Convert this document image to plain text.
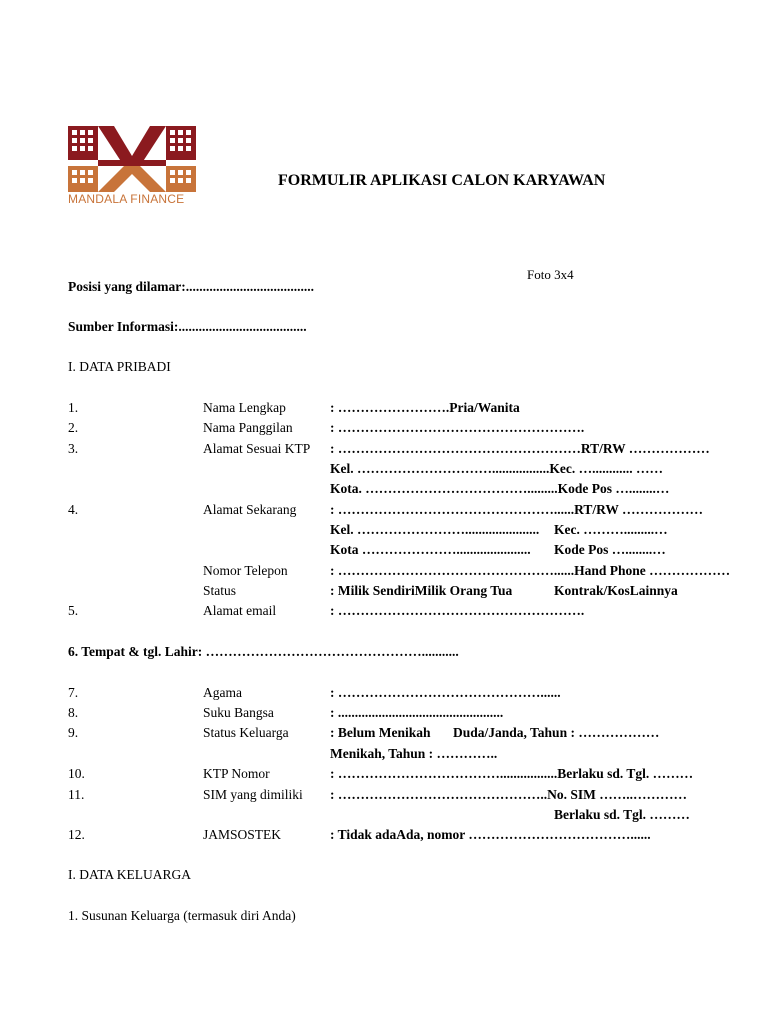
MANDALA FINANCE
FORMULIR APLIKASI CALON KARYAWAN
Foto 3x4
Posisi yang dilamar:......................................
Sumber Informasi:......................................
I. DATA PRIBADI
1.	Nama Lengkap	: …………………….Pria/Wanita
2.	Nama Panggilan	: ……………………………………………….
3.	Alamat Sesuai KTP : ………………………………………………RT/RW ………………
Kel. ………………………….................Kec. …............ ……
Kota. ……………………………….........Kode Pos …........…
4.	Alamat Sekarang : …………………………………………......RT/RW ………………
Kel. ……………………......................	Kec. ……….........…
Kota …………………......................	Kode Pos …........…
Nomor Telepon	: …………………………………………......Hand Phone ………………
Status	: Milik SendiriMilik Orang Tua	Kontrak/KosLainnya
5.	Alamat email	: ……………………………………………….
6. Tempat & tgl. Lahir: …………………………………………...........
7.	Agama	: ………………………………………......
8.	Suku Bangsa	: .................................................
9.	Status Keluarga	: Belum Menikah Duda/Janda, Tahun : ………………
Menikah, Tahun : …………..
10.	KTP Nomor	: ……………………………….................Berlaku sd. Tgl. ………
11.	SIM yang dimiliki : ………………………………………..No. SIM ……..…………
Berlaku sd. Tgl. ………
12.	JAMSOSTEK	: Tidak adaAda, nomor ………………………………......
I. DATA KELUARGA
1. Susunan Keluarga (termasuk diri Anda)
